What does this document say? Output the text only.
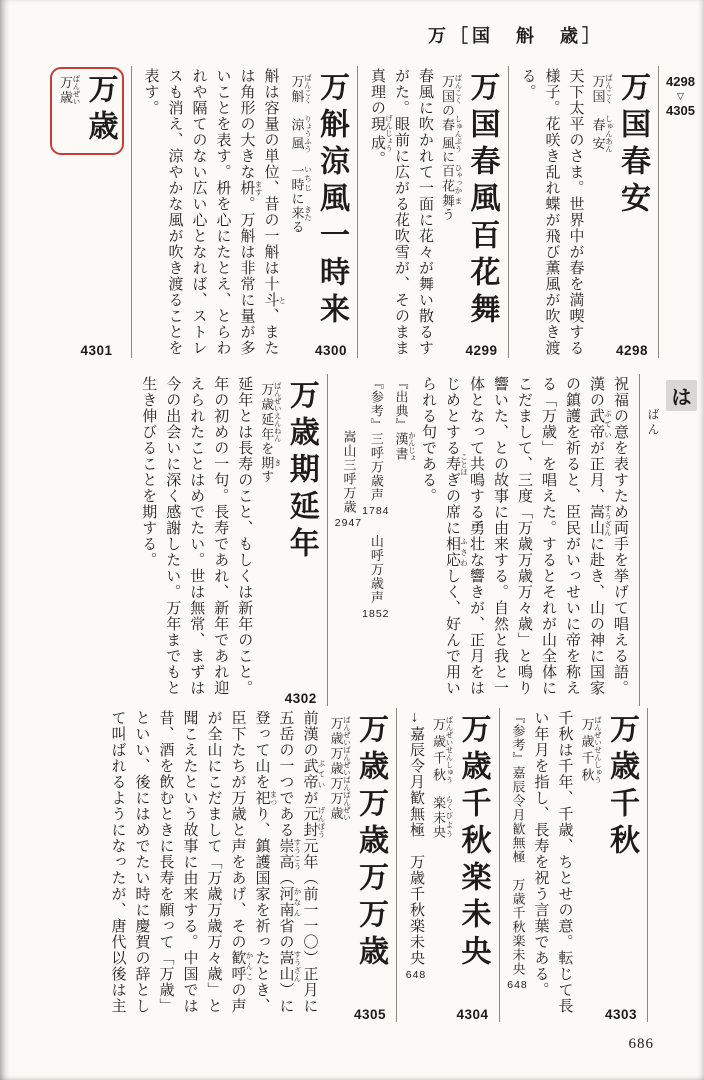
万［国　斛　歳］
4298
▽
4305
万国春安
万国 ばんこく　春安 しゅんあん
天下太平のさま。世界中が春を満喫する様子。花咲き乱れ蝶が飛び薫風が吹き渡る。
4298
万国春風百花舞
万国 ばんこくの春風 しゅんぷうに百花 ひゃっか舞 まう
春風に吹かれて一面に花々が舞い散るすがた。眼前に広がる花吹雪が、そのまま真理の現成 げんじょう。
4299
万斛涼風一時来
万斛 ばんこく　涼風 りょうふう　一時 いちじに来 きたる
斛は容量の単位、昔の一斛は十斗 と、または角形の大きな枡 ます。万斛は非常に量が多いことを表す。枡を心にたとえ、とらわれや隔てのない広い心となれば、ストレスも消え、涼やかな風が吹き渡ることを表す。
4300
万歳
万歳 ばんぜい
4301
は
ばん
祝福の意を表すため両手を挙げて唱える語。漢の武帝 ぶていが正月、嵩山 すうざんに赴き、山の神に国家の鎮護を祈ると、臣民がいっせいに帝を称える「万歳」を唱えた。するとそれが山全体にこだまして、三度「万歳万歳万々歳」と鳴り響いた、との故事に由来する。自然と我と一体となって共鳴する勇壮な響きが、正月をはじめとする寿 ことほぎの席に相応 ふさわしく、好んで用いられる句である。
『出典』漢書 かんじょ
『参考』三呼万歳声1784　山呼万歳声1852
嵩山三呼万歳2947
万歳期延年
万歳延年 ばんぜいえんねんを期 きす
延年とは長寿のこと、もしくは新年のこと。年の初めの一句。長寿であれ、新年であれ迎えられたことはめでたい。世は無常、まずは今の出会いに深く感謝したい。万年までもと生き伸びることを期する。
4302
万歳千秋
万歳千秋 ばんぜいせんしゅう
千秋は千年、千歳、ちとせの意。転じて長い年月を指し、長寿を祝う言葉である。
『参考』嘉辰令月歓無極　万歳千秋楽未央648
4303
万歳千秋楽未央
万歳千秋 ばんぜいせんしゅう　楽 らく未央 びよう
→嘉辰令月歓無極　万歳千秋楽未央648
4304
万歳万歳万万歳
万歳万歳万万歳 ばんぜいばんぜいばんばんぜい
前漢の武帝 ぶていが元封 げんぽう元年（前一一〇）正月に五岳の一つである崇高 すうこう（河南 かなん省の嵩山 すうざん）に登って山を祀 まつり、鎮護国家を祈ったとき、臣下たちが万歳と声をあげ、その歓呼 かんこの声が全山にこだまして「万歳万歳万々歳」と聞こえたという故事に由来する。中国では昔、酒を飲むときに長寿を願って「万歳」といい、後にはめでたい時に慶賀の辞として叫ばれるようになったが、唐代以後は主
4305
686
